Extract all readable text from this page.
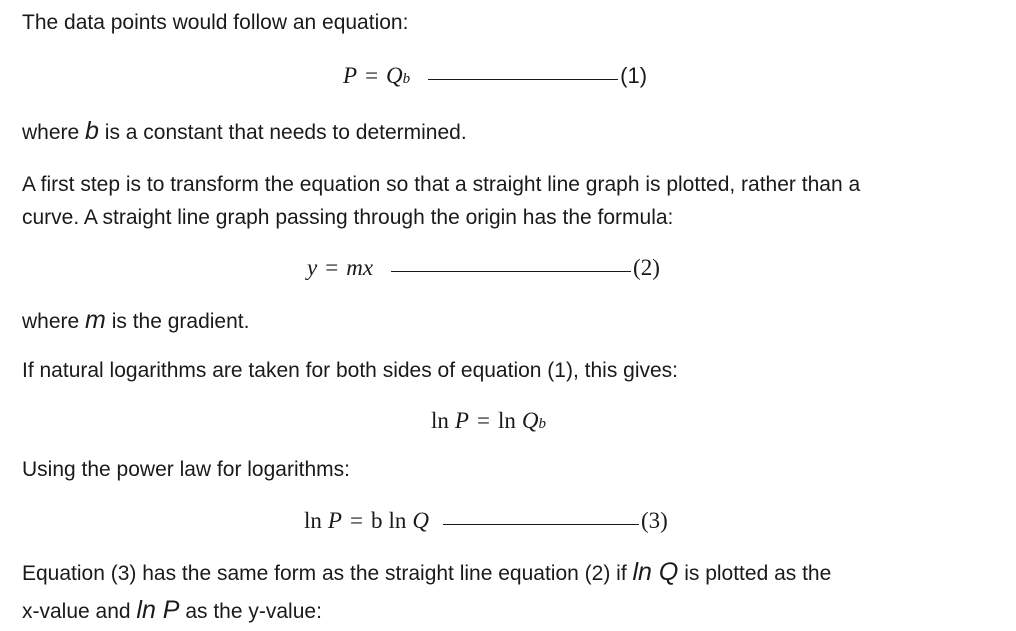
The data points would follow an equation:
P = Q b	(1)
where b is a constant that needs to determined.
A first step is to transform the equation so that a straight line graph is plotted, rather than a
curve. A straight line graph passing through the origin has the formula:
y = mx	(2)
where m is the gradient.
If natural logarithms are taken for both sides of equation (1), this gives:
ln P = ln Q b
Using the power law for logarithms:
ln P = b ln Q	(3)
Equation (3) has the same form as the straight line equation (2) if ln Q is plotted as the
x-value and ln P as the y-value:
